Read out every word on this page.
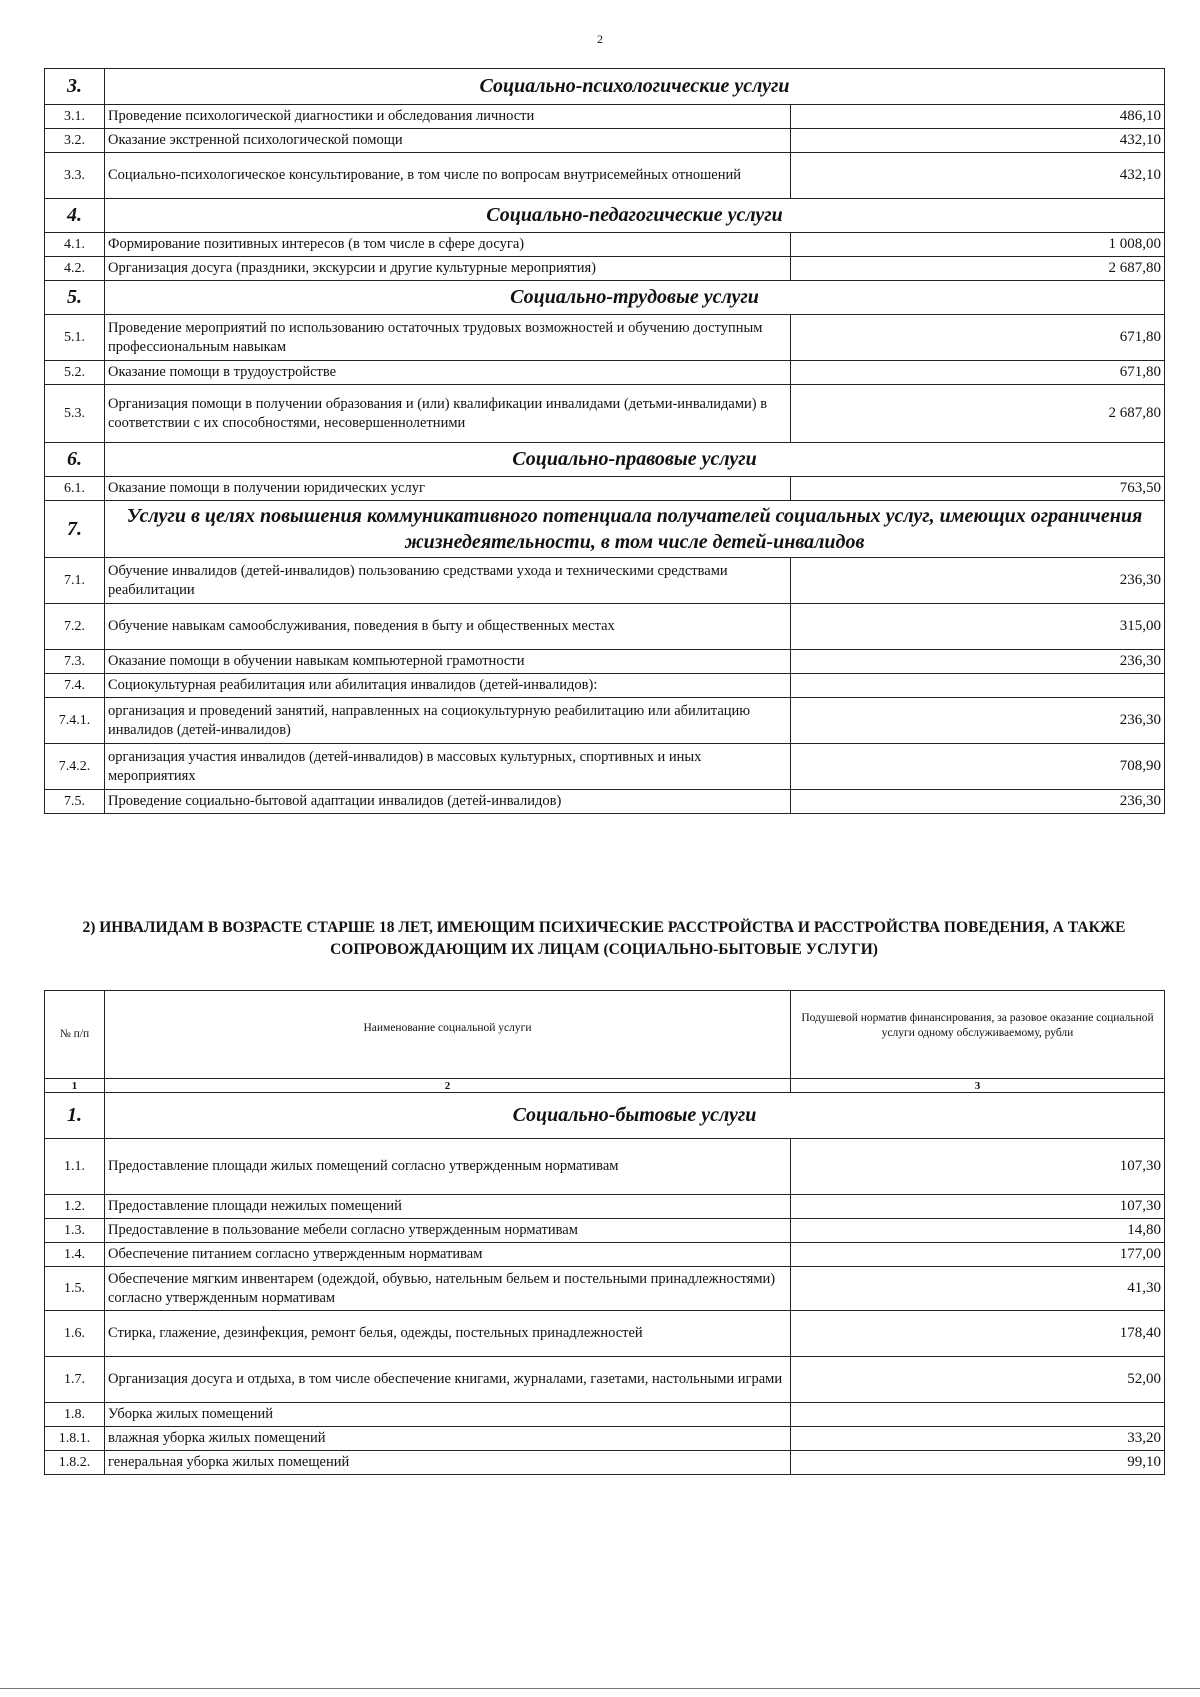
2
3.	Социально-психологические услуги	
3.1.	Проведение психологической диагностики и обследования личности	486,10
3.2.	Оказание экстренной психологической помощи	432,10
3.3.	Социально-психологическое консультирование, в том числе по вопросам внутрисемейных отношений	432,10
4.	Социально-педагогические услуги	
4.1.	Формирование позитивных интересов (в том числе в сфере досуга)	1 008,00
4.2.	Организация досуга (праздники, экскурсии и другие культурные мероприятия)	2 687,80
5.	Социально-трудовые услуги	
5.1.	Проведение мероприятий по использованию остаточных трудовых возможностей и обучению доступным профессиональным навыкам	671,80
5.2.	Оказание помощи в трудоустройстве	671,80
5.3.	Организация помощи в получении образования и (или) квалификации инвалидами (детьми-инвалидами) в соответствии с их способностями, несовершеннолетними	2 687,80
6.	Социально-правовые услуги	
6.1.	Оказание помощи в получении юридических услуг	763,50
7.	Услуги в целях повышения коммуникативного потенциала получателей социальных услуг, имеющих ограничения жизнедеятельности, в том числе детей-инвалидов	
7.1.	Обучение инвалидов (детей-инвалидов) пользованию средствами ухода и техническими средствами реабилитации	236,30
7.2.	Обучение навыкам самообслуживания, поведения в быту и общественных местах	315,00
7.3.	Оказание помощи в обучении навыкам компьютерной грамотности	236,30
7.4.	Социокультурная реабилитация или абилитация инвалидов (детей-инвалидов):	
7.4.1.	организация и проведений занятий, направленных на социокультурную реабилитацию или абилитацию инвалидов (детей-инвалидов)	236,30
7.4.2.	организация участия инвалидов (детей-инвалидов) в массовых культурных, спортивных и иных мероприятиях	708,90
7.5.	Проведение социально-бытовой адаптации инвалидов (детей-инвалидов)	236,30
2) ИНВАЛИДАМ В ВОЗРАСТЕ СТАРШЕ 18 ЛЕТ, ИМЕЮЩИМ ПСИХИЧЕСКИЕ РАССТРОЙСТВА И РАССТРОЙСТВА ПОВЕДЕНИЯ, А ТАКЖЕ СОПРОВОЖДАЮЩИМ ИХ ЛИЦАМ (СОЦИАЛЬНО-БЫТОВЫЕ УСЛУГИ)
№ п/п	Наименование социальной услуги	Подушевой норматив финансирования, за разовое оказание социальной услуги одному обслуживаемому, рубли
1	2	3
1.	Социально-бытовые услуги	
1.1.	Предоставление площади жилых помещений согласно утвержденным нормативам	107,30
1.2.	Предоставление площади нежилых помещений	107,30
1.3.	Предоставление в пользование мебели согласно утвержденным нормативам	14,80
1.4.	Обеспечение питанием согласно утвержденным нормативам	177,00
1.5.	Обеспечение мягким инвентарем (одеждой, обувью, нательным бельем и постельными принадлежностями) согласно утвержденным нормативам	41,30
1.6.	Стирка, глажение, дезинфекция, ремонт белья, одежды, постельных принадлежностей	178,40
1.7.	Организация досуга и отдыха, в том числе обеспечение книгами, журналами, газетами, настольными играми	52,00
1.8.	Уборка жилых помещений	
1.8.1.	влажная уборка жилых помещений	33,20
1.8.2.	генеральная уборка жилых помещений	99,10
